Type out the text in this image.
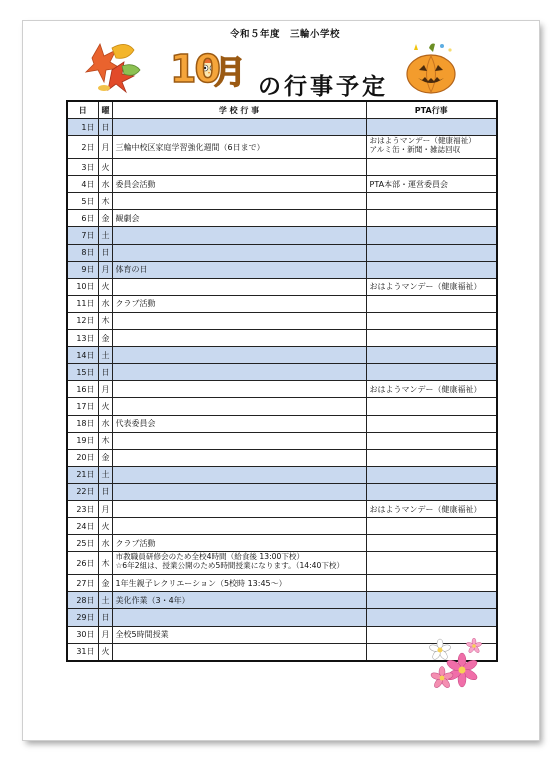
令和５年度　三輪小学校
10
月 の行事予定
日	曜	学 校 行 事	PTA行事
1日	日		
2日	月	三輪中校区家庭学習強化週間（6日まで）	おはようマンデー（健康福祉）
アルミ缶・新聞・雑誌回収

3日	火		
4日	水	委員会活動	PTA本部・運営委員会
5日	木		
6日	金	観劇会	
7日	土		
8日	日		
9日	月	体育の日	
10日	火		おはようマンデー（健康福祉）
11日	水	クラブ活動	
12日	木		
13日	金		
14日	土		
15日	日		
16日	月		おはようマンデー（健康福祉）
17日	火		
18日	水	代表委員会	
19日	木		
20日	金		
21日	土		
22日	日		
23日	月		おはようマンデー（健康福祉）
24日	火		
25日	水	クラブ活動	
26日	木	市教職員研修会のため全校4時間（給食後 13:00下校）
☆6年2組は、授業公開のため5時間授業になります。（14:40下校）	

27日	金	1年生親子レクリエーション（5校時 13:45～）	
28日	土	美化作業（3・4年）	
29日	日		
30日	月	全校5時間授業	
31日	火		
